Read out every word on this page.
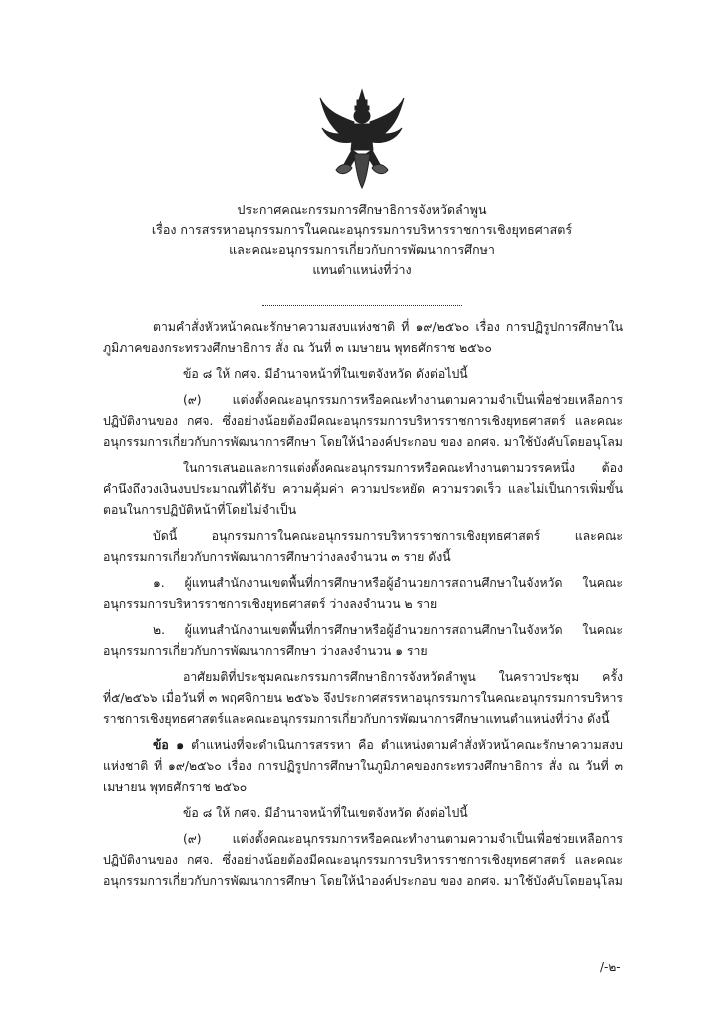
ประกาศคณะกรรมการศึกษาธิการจังหวัดลำพูน
เรื่อง การสรรหาอนุกรรมการในคณะอนุกรรมการบริหารราชการเชิงยุทธศาสตร์
และคณะอนุกรรมการเกี่ยวกับการพัฒนาการศึกษา
แทนตำแหน่งที่ว่าง

ตามคำสั่งหัวหน้าคณะรักษาความสงบแห่งชาติ ที่ ๑๙/๒๕๖๐ เรื่อง การปฏิรูปการศึกษาในภูมิภาคของกระทรวงศึกษาธิการ สั่ง ณ วันที่ ๓ เมษายน พุทธศักราช ๒๕๖๐

ข้อ ๘ ให้ กศจ. มีอำนาจหน้าที่ในเขตจังหวัด ดังต่อไปนี้

(๙) แต่งตั้งคณะอนุกรรมการหรือคณะทำงานตามความจำเป็นเพื่อช่วยเหลือการปฏิบัติงานของ กศจ. ซึ่งอย่างน้อยต้องมีคณะอนุกรรมการบริหารราชการเชิงยุทธศาสตร์ และคณะอนุกรรมการเกี่ยวกับการพัฒนาการศึกษา โดยให้นำองค์ประกอบ ของ อกศจ. มาใช้บังคับโดยอนุโลม

ในการเสนอและการแต่งตั้งคณะอนุกรรมการหรือคณะทำงานตามวรรคหนึ่ง ต้องคำนึงถึงวงเงินงบประมาณที่ได้รับ ความคุ้มค่า ความประหยัด ความรวดเร็ว และไม่เป็นการเพิ่มขั้นตอนในการปฏิบัติหน้าที่โดยไม่จำเป็น

บัดนี้ อนุกรรมการในคณะอนุกรรมการบริหารราชการเชิงยุทธศาสตร์ และคณะอนุกรรมการเกี่ยวกับการพัฒนาการศึกษาว่างลงจำนวน ๓ ราย ดังนี้

๑. ผู้แทนสำนักงานเขตพื้นที่การศึกษาหรือผู้อำนวยการสถานศึกษาในจังหวัด ในคณะอนุกรรมการบริหารราชการเชิงยุทธศาสตร์ ว่างลงจำนวน ๒ ราย

๒. ผู้แทนสำนักงานเขตพื้นที่การศึกษาหรือผู้อำนวยการสถานศึกษาในจังหวัด ในคณะอนุกรรมการเกี่ยวกับการพัฒนาการศึกษา ว่างลงจำนวน ๑ ราย

อาศัยมติที่ประชุมคณะกรรมการศึกษาธิการจังหวัดลำพูน ในคราวประชุม ครั้งที่๕/๒๕๖๖ เมื่อวันที่ ๓ พฤศจิกายน ๒๕๖๖ จึงประกาศสรรหาอนุกรรมการในคณะอนุกรรมการบริหารราชการเชิงยุทธศาสตร์และคณะอนุกรรมการเกี่ยวกับการพัฒนาการศึกษาแทนตำแหน่งที่ว่าง ดังนี้

ข้อ ๑ ตำแหน่งที่จะดำเนินการสรรหา คือ ตำแหน่งตามคำสั่งหัวหน้าคณะรักษาความสงบแห่งชาติ ที่ ๑๙/๒๕๖๐ เรื่อง การปฏิรูปการศึกษาในภูมิภาคของกระทรวงศึกษาธิการ สั่ง ณ วันที่ ๓ เมษายน พุทธศักราช ๒๕๖๐

ข้อ ๘ ให้ กศจ. มีอำนาจหน้าที่ในเขตจังหวัด ดังต่อไปนี้

(๙) แต่งตั้งคณะอนุกรรมการหรือคณะทำงานตามความจำเป็นเพื่อช่วยเหลือการปฏิบัติงานของ กศจ. ซึ่งอย่างน้อยต้องมีคณะอนุกรรมการบริหารราชการเชิงยุทธศาสตร์ และคณะอนุกรรมการเกี่ยวกับการพัฒนาการศึกษา โดยให้นำองค์ประกอบ ของ อกศจ. มาใช้บังคับโดยอนุโลม

/-๒-
